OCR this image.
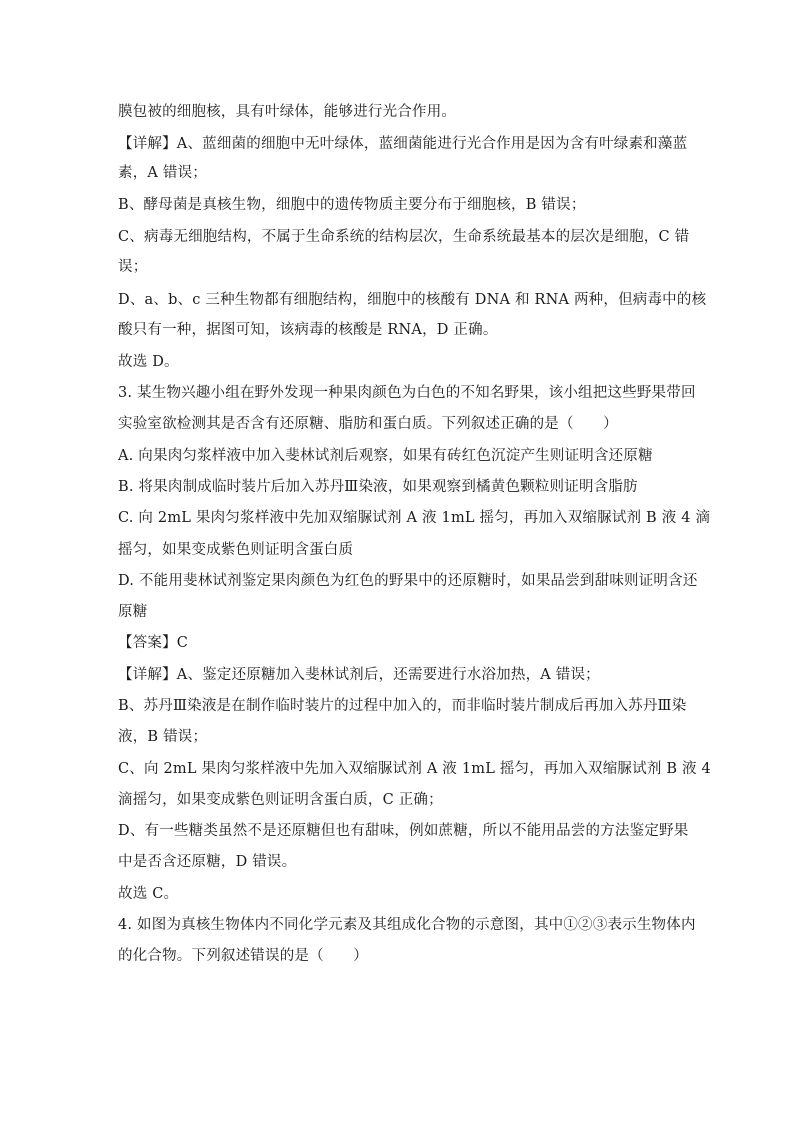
膜包被的细胞核，具有叶绿体，能够进行光合作用。
【详解】A、蓝细菌的细胞中无叶绿体，蓝细菌能进行光合作用是因为含有叶绿素和藻蓝
素，A 错误；
B、酵母菌是真核生物，细胞中的遗传物质主要分布于细胞核，B 错误；
C、病毒无细胞结构，不属于生命系统的结构层次，生命系统最基本的层次是细胞，C 错
误；
D、a、b、c 三种生物都有细胞结构，细胞中的核酸有 DNA 和 RNA 两种，但病毒中的核
酸只有一种，据图可知，该病毒的核酸是 RNA，D 正确。
故选 D。
3. 某生物兴趣小组在野外发现一种果肉颜色为白色的不知名野果，该小组把这些野果带回
实验室欲检测其是否含有还原糖、脂肪和蛋白质。下列叙述正确的是（　　）
A. 向果肉匀浆样液中加入斐林试剂后观察，如果有砖红色沉淀产生则证明含还原糖
B. 将果肉制成临时装片后加入苏丹Ⅲ染液，如果观察到橘黄色颗粒则证明含脂肪
C. 向 2mL 果肉匀浆样液中先加双缩脲试剂 A 液 1mL 摇匀，再加入双缩脲试剂 B 液 4 滴
摇匀，如果变成紫色则证明含蛋白质
D. 不能用斐林试剂鉴定果肉颜色为红色的野果中的还原糖时，如果品尝到甜味则证明含还
原糖
【答案】C
【详解】A、鉴定还原糖加入斐林试剂后，还需要进行水浴加热，A 错误；
B、苏丹Ⅲ染液是在制作临时装片的过程中加入的，而非临时装片制成后再加入苏丹Ⅲ染
液，B 错误；
C、向 2mL 果肉匀浆样液中先加入双缩脲试剂 A 液 1mL 摇匀，再加入双缩脲试剂 B 液 4
滴摇匀，如果变成紫色则证明含蛋白质，C 正确；
D、有一些糖类虽然不是还原糖但也有甜味，例如蔗糖，所以不能用品尝的方法鉴定野果
中是否含还原糖，D 错误。
故选 C。
4. 如图为真核生物体内不同化学元素及其组成化合物的示意图，其中①②③表示生物体内
的化合物。下列叙述错误的是（　　）
